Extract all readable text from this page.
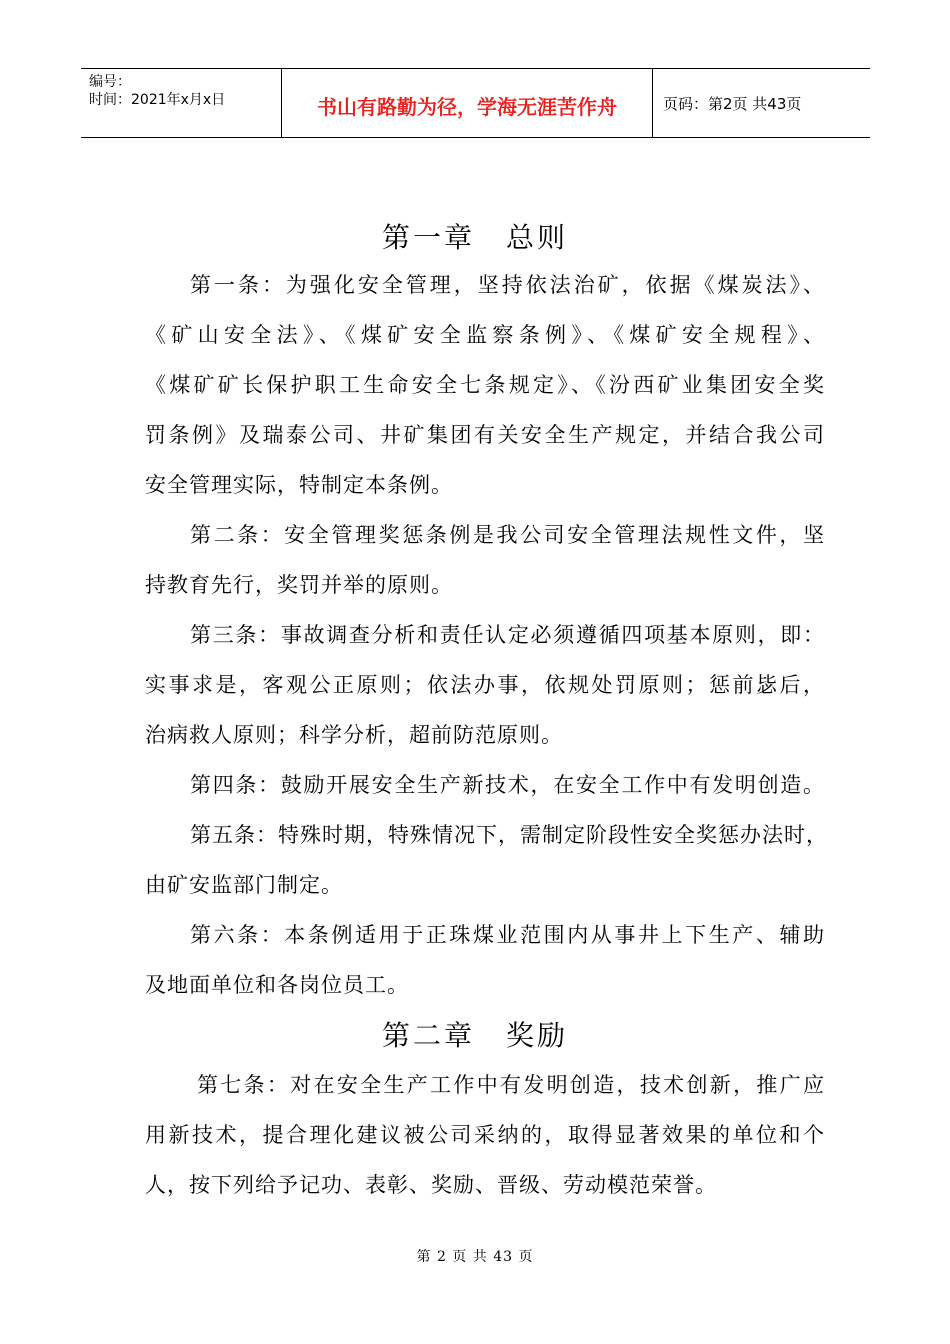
编号：
时间：2021年x月x日	书山有路勤为径，学海无涯苦作舟	页码：第2页 共43页
第一章　总则
第一条：为强化安全管理，坚持依法治矿，依据《煤炭法》、
《矿山安全法》、《煤矿安全监察条例》、《煤矿安全规程》、
《煤矿矿长保护职工生命安全七条规定》、《汾西矿业集团安全奖
罚条例》及瑞泰公司、井矿集团有关安全生产规定，并结合我公司
安全管理实际，特制定本条例。
第二条：安全管理奖惩条例是我公司安全管理法规性文件，坚
持教育先行，奖罚并举的原则。
第三条：事故调查分析和责任认定必须遵循四项基本原则，即：
实事求是，客观公正原则；依法办事，依规处罚原则；惩前毖后，
治病救人原则；科学分析，超前防范原则。
第四条：鼓励开展安全生产新技术，在安全工作中有发明创造。
第五条：特殊时期，特殊情况下，需制定阶段性安全奖惩办法时，
由矿安监部门制定。
第六条：本条例适用于正珠煤业范围内从事井上下生产、辅助
及地面单位和各岗位员工。
第二章　奖励
第七条：对在安全生产工作中有发明创造，技术创新，推广应
用新技术，提合理化建议被公司采纳的，取得显著效果的单位和个
人，按下列给予记功、表彰、奖励、晋级、劳动模范荣誉。
第 2 页 共 43 页
